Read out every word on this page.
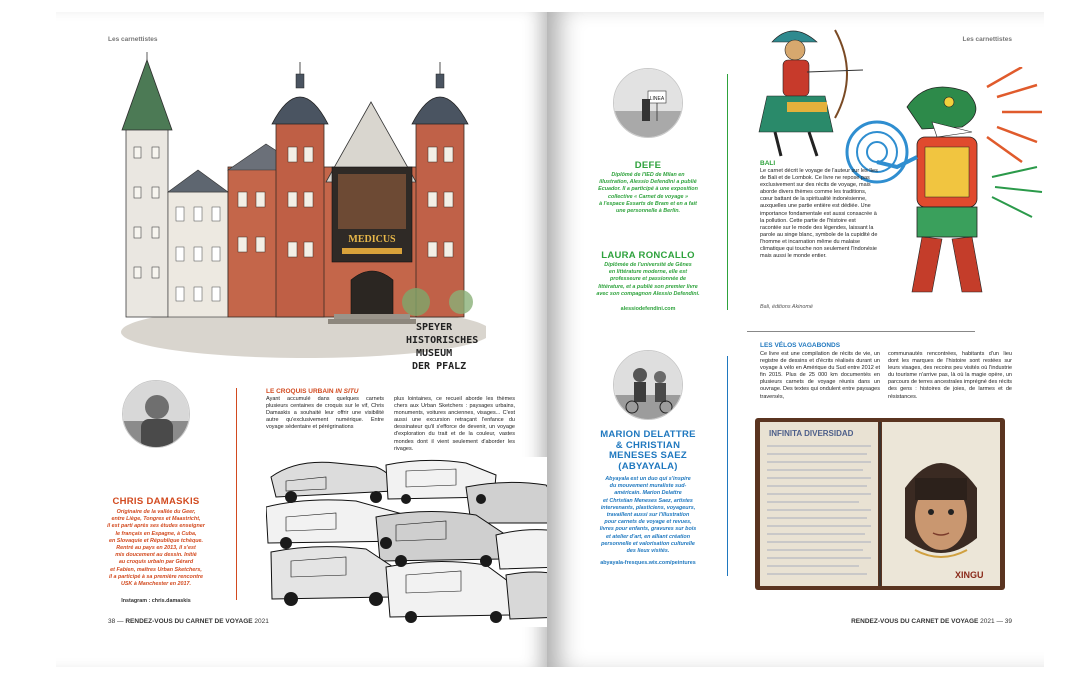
Les carnettistes
MEDICUS
SPEYER
HISTORISCHES
MUSEUM
DER PFALZ
CHRIS DAMASKIS
Originaire de la vallée du Geer,
entre Liège, Tongres et Maastricht,
il est parti après ses études enseigner
le français en Espagne, à Cuba,
en Slovaquie et République tchèque.
Rentré au pays en 2013, il s'est
mis doucement au dessin. Initié
au croquis urbain par Gérard
et Fabien, maîtres Urban Sketchers,
il a participé à sa première rencontre
USK à Manchester en 2017.
Instagram : chris.damaskis
LE CROQUIS URBAIN IN SITU
Ayant accumulé dans quelques carnets plusieurs centaines de croquis sur le vif, Chris Damaskis a souhaité leur offrir une visibilité autre qu'exclusivement numérique. Entre voyage sédentaire et pérégrinations
plus lointaines, ce recueil aborde les thèmes chers aux Urban Sketchers : paysages urbains, monuments, voitures anciennes, visages... C'est aussi une excursion retraçant l'enfance du dessinateur qu'il s'efforce de devenir, un voyage d'exploration du trait et de la couleur, vastes mondes dont il vient seulement d'aborder les rivages.
38 — RENDEZ-VOUS DU CARNET DE VOYAGE 2021
Les carnettistes
LINEA
DEFE
Diplômé de l'IED de Milan en
illustration, Alessio Defendini a publié
Ecuador. Il a participé à une exposition
collective « Carnet de voyage »
à l'espace Essarts de Bram et en a fait
une personnelle à Berlin.
LAURA RONCALLO
Diplômée de l'université de Gênes
en littérature moderne, elle est
professeure et passionnée de
littérature, et a publié son premier livre
avec son compagnon Alessio Defendini.
alessiodefendini.com
BALI
Le carnet décrit le voyage de l'auteur sur les îles de Bali et de Lombok. Ce livre ne repose pas exclusivement sur des récits de voyage, mais aborde divers thèmes comme les traditions, cœur battant de la spiritualité indonésienne, auxquelles une partie entière est dédiée. Une importance fondamentale est aussi consacrée à la pollution. Cette partie de l'histoire est racontée sur le mode des légendes, laissant la parole au singe blanc, symbole de la cupidité de l'homme et incarnation même du malaise climatique qui touche non seulement l'Indonésie mais aussi le monde entier.
Bali, éditions Akinomé
MARION DELATTRE
& CHRISTIAN
MENESES SAEZ
(ABYAYALA)
Abyayala est un duo qui s'inspire
du mouvement muraliste sud-
américain. Marion Delattre
et Christian Meneses Saez, artistes
intervenants, plasticiens, voyageurs,
travaillent aussi sur l'illustration
pour carnets de voyage et revues,
livres pour enfants, gravures sur bois
et atelier d'art, en alliant création
personnelle et valorisation culturelle
des lieux visités.
abyayala-fresques.wix.com/peintures
LES VÉLOS VAGABONDS
Ce livre est une compilation de récits de vie, un registre de dessins et d'écrits réalisés durant un voyage à vélo en Amérique du Sud entre 2012 et fin 2015. Plus de 25 000 km documentés en plusieurs carnets de voyage réunis dans un ouvrage. Des textes qui ondulent entre paysages traversés,
communautés rencontrées, habitants d'un lieu dont les marques de l'histoire sont restées sur leurs visages, des recoins peu visités où l'industrie du tourisme n'arrive pas, là où la magie opère, un parcours de terres ancestrales imprégné des récits des gens : histoires de joies, de larmes et de résistances.
INFINITA DIVERSIDAD
XINGU
RENDEZ-VOUS DU CARNET DE VOYAGE 2021 — 39
